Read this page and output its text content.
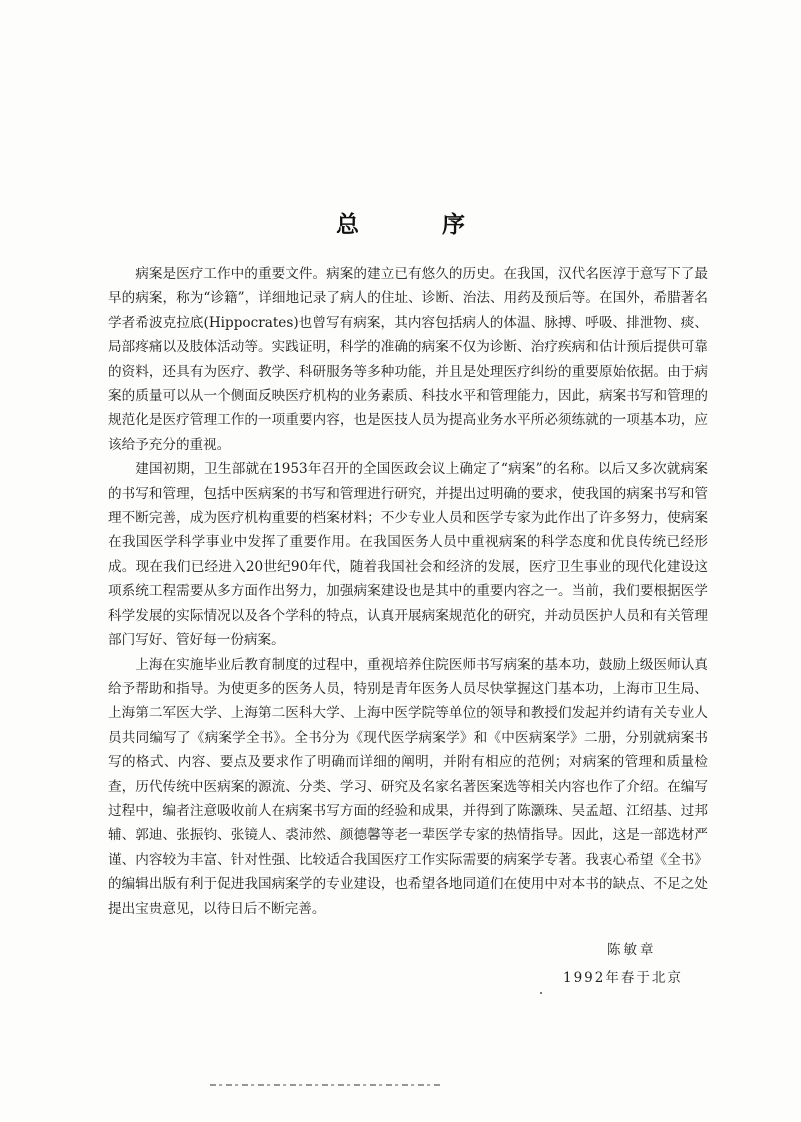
总　序

病案是医疗工作中的重要文件。病案的建立已有悠久的历史。在我国，汉代名医淳于意写下了最早的病案，称为“诊籍”，详细地记录了病人的住址、诊断、治法、用药及预后等。在国外，希腊著名学者希波克拉底(Hippocrates)也曾写有病案，其内容包括病人的体温、脉搏、呼吸、排泄物、痰、局部疼痛以及肢体活动等。实践证明，科学的准确的病案不仅为诊断、治疗疾病和估计预后提供可靠的资料，还具有为医疗、教学、科研服务等多种功能，并且是处理医疗纠纷的重要原始依据。由于病案的质量可以从一个侧面反映医疗机构的业务素质、科技水平和管理能力，因此，病案书写和管理的规范化是医疗管理工作的一项重要内容，也是医技人员为提高业务水平所必须练就的一项基本功，应该给予充分的重视。

建国初期，卫生部就在1953年召开的全国医政会议上确定了“病案”的名称。以后又多次就病案的书写和管理，包括中医病案的书写和管理进行研究，并提出过明确的要求，使我国的病案书写和管理不断完善，成为医疗机构重要的档案材料；不少专业人员和医学专家为此作出了许多努力，使病案在我国医学科学事业中发挥了重要作用。在我国医务人员中重视病案的科学态度和优良传统已经形成。现在我们已经进入20世纪90年代，随着我国社会和经济的发展，医疗卫生事业的现代化建设这项系统工程需要从多方面作出努力，加强病案建设也是其中的重要内容之一。当前，我们要根据医学科学发展的实际情况以及各个学科的特点，认真开展病案规范化的研究，并动员医护人员和有关管理部门写好、管好每一份病案。

上海在实施毕业后教育制度的过程中，重视培养住院医师书写病案的基本功，鼓励上级医师认真给予帮助和指导。为使更多的医务人员，特别是青年医务人员尽快掌握这门基本功，上海市卫生局、上海第二军医大学、上海第二医科大学、上海中医学院等单位的领导和教授们发起并约请有关专业人员共同编写了《病案学全书》。全书分为《现代医学病案学》和《中医病案学》二册，分别就病案书写的格式、内容、要点及要求作了明确而详细的阐明，并附有相应的范例；对病案的管理和质量检查，历代传统中医病案的源流、分类、学习、研究及名家名著医案选等相关内容也作了介绍。在编写过程中，编者注意吸收前人在病案书写方面的经验和成果，并得到了陈灏珠、吴孟超、江绍基、过邦辅、郭迪、张振钧、张镜人、裘沛然、颜德馨等老一辈医学专家的热情指导。因此，这是一部选材严谨、内容较为丰富、针对性强、比较适合我国医疗工作实际需要的病案学专著。我衷心希望《全书》的编辑出版有利于促进我国病案学的专业建设，也希望各地同道们在使用中对本书的缺点、不足之处提出宝贵意见，以待日后不断完善。

陈敏章
1992年春于北京
